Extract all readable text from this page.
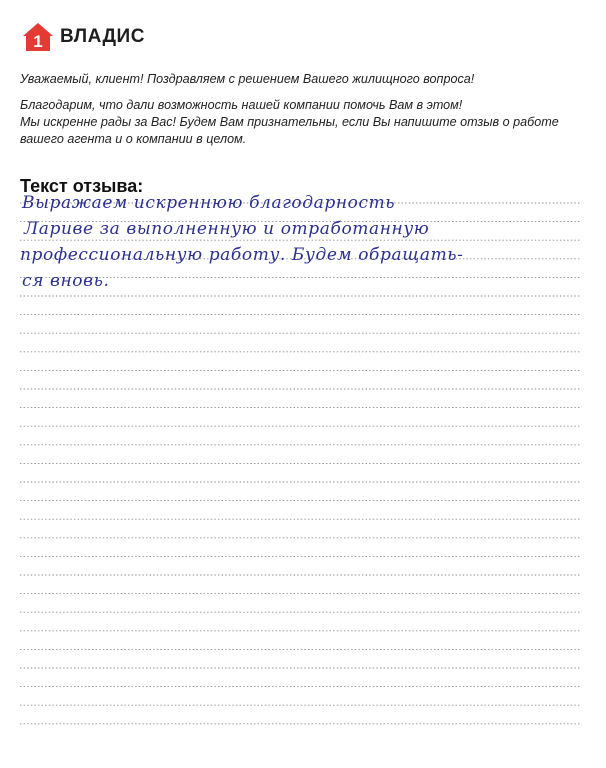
1 ВЛАДИС

Уважаемый, клиент! Поздравляем с решением Вашего жилищного вопроса!

Благодарим, что дали возможность нашей компании помочь Вам в этом!

Мы искренне рады за Вас! Будем Вам признательны, если Вы напишите отзыв о работе вашего агента и о компании в целом.

Текст отзыва:
Выражаем искреннюю благодарность
Лариве за выполненную и отработанную
профессиональную работу. Будем обращать-
ся вновь.
